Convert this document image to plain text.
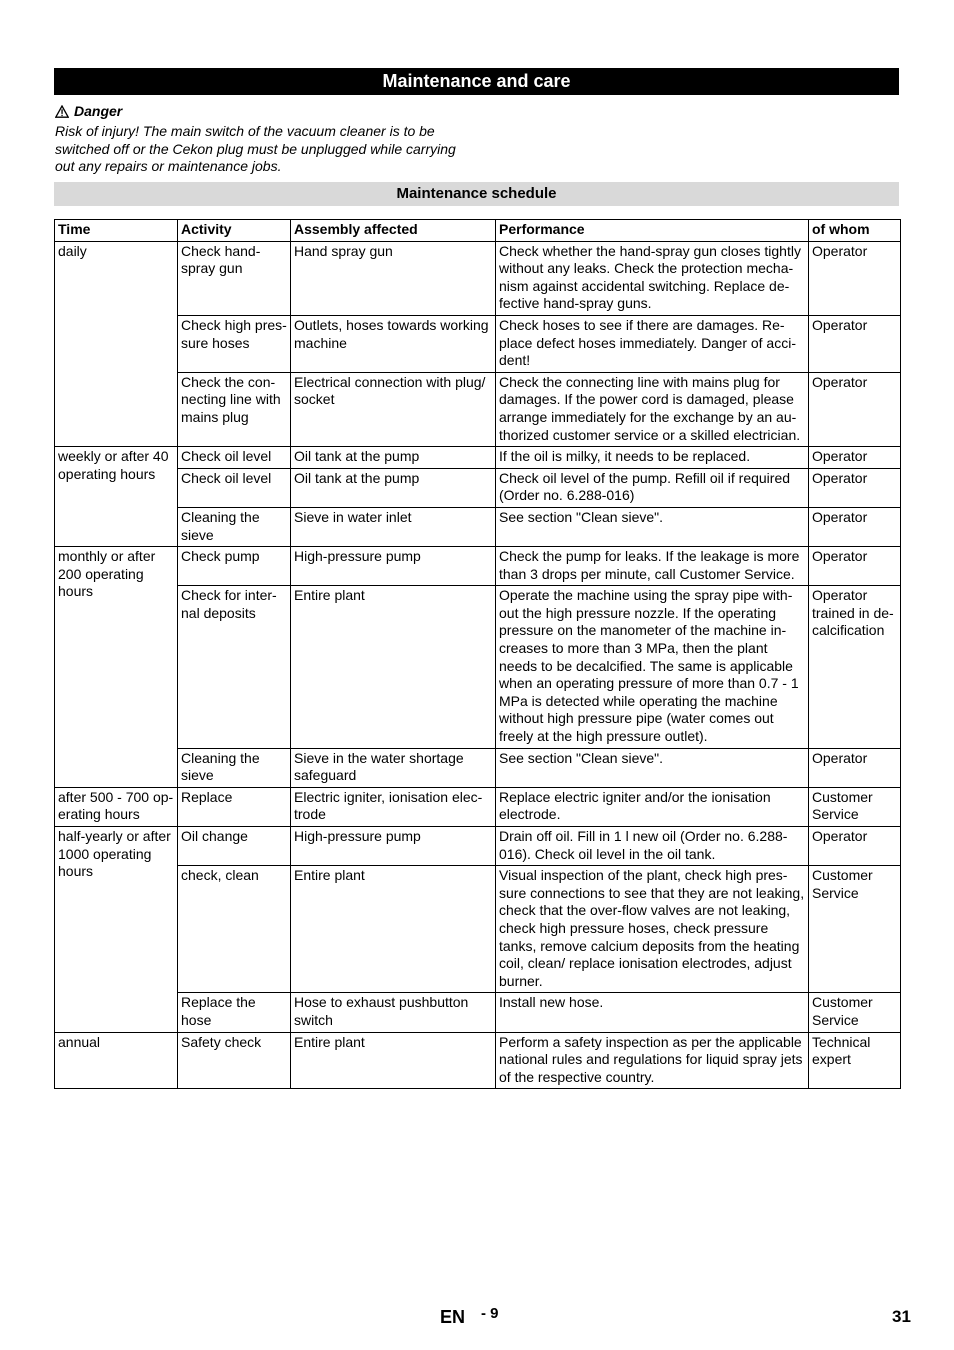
Maintenance and care
Danger
Risk of injury! The main switch of the vacuum cleaner is to be switched off or the Cekon plug must be unplugged while carrying out any repairs or maintenance jobs.
Maintenance schedule
Time	Activity	Assembly affected	Performance	of whom
daily	Check hand-spray gun	Hand spray gun	Check whether the hand-spray gun closes tightly without any leaks. Check the protection mecha-nism against accidental switching. Replace de-fective hand-spray guns.	Operator
	Check high pres-sure hoses	Outlets, hoses towards working machine	Check hoses to see if there are damages. Re-place defect hoses immediately. Danger of acci-dent!	Operator
	Check the con-necting line with mains plug	Electrical connection with plug/ socket	Check the connecting line with mains plug for damages. If the power cord is damaged, please arrange immediately for the exchange by an au-thorized customer service or a skilled electrician.	Operator
weekly or after 40 operating hours	Check oil level	Oil tank at the pump	If the oil is milky, it needs to be replaced.	Operator
	Check oil level	Oil tank at the pump	Check oil level of the pump. Refill oil if required (Order no. 6.288-016)	Operator
	Cleaning the sieve	Sieve in water inlet	See section "Clean sieve".	Operator
monthly or after 200 operating hours	Check pump	High-pressure pump	Check the pump for leaks. If the leakage is more than 3 drops per minute, call Customer Service.	Operator
	Check for inter-nal deposits	Entire plant	Operate the machine using the spray pipe with-out the high pressure nozzle. If the operating pressure on the manometer of the machine in-creases to more than 3 MPa, then the plant needs to be decalcified. The same is applicable when an operating pressure of more than 0.7 - 1 MPa is detected while operating the machine without high pressure pipe (water comes out freely at the high pressure outlet).	Operator trained in de-calcification
	Cleaning the sieve	Sieve in the water shortage safeguard	See section "Clean sieve".	Operator
after 500 - 700 op-erating hours	Replace	Electric igniter, ionisation elec-trode	Replace electric igniter and/or the ionisation electrode.	Customer Service
half-yearly or after 1000 operating hours	Oil change	High-pressure pump	Drain off oil. Fill in 1 l new oil (Order no. 6.288-016). Check oil level in the oil tank.	Operator
	check, clean	Entire plant	Visual inspection of the plant, check high pres-sure connections to see that they are not leaking, check that the over-flow valves are not leaking, check high pressure hoses, check pressure tanks, remove calcium deposits from the heating coil, clean/ replace ionisation electrodes, adjust burner.	Customer Service
	Replace the hose	Hose to exhaust pushbutton switch	Install new hose.	Customer Service
annual	Safety check	Entire plant	Perform a safety inspection as per the applicable national rules and regulations for liquid spray jets of the respective country.	Technical expert
EN - 9	31
